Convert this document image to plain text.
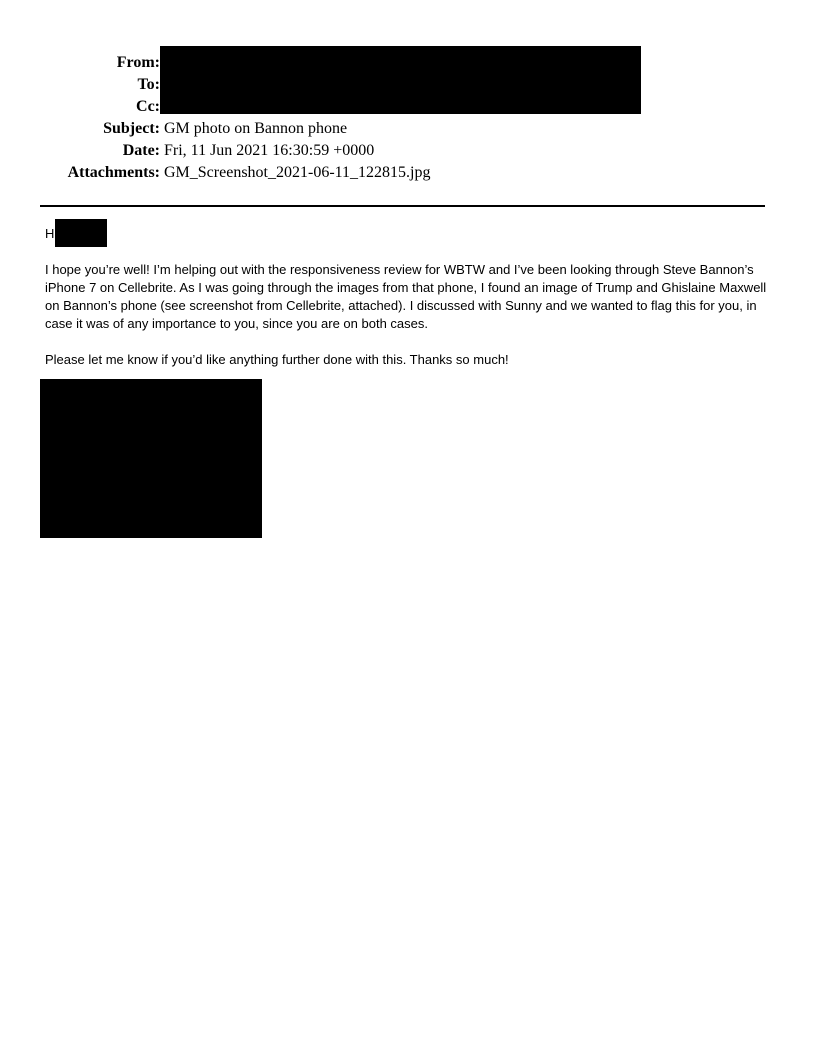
From:
To:
Cc:
Subject: GM photo on Bannon phone
Date: Fri, 11 Jun 2021 16:30:59 +0000
Attachments: GM_Screenshot_2021-06-11_122815.jpg
H
I hope you’re well! I’m helping out with the responsiveness review for WBTW and I’ve been looking through Steve Bannon’s iPhone 7 on Cellebrite. As I was going through the images from that phone, I found an image of Trump and Ghislaine Maxwell on Bannon’s phone (see screenshot from Cellebrite, attached). I discussed with Sunny and we wanted to flag this for you, in case it was of any importance to you, since you are on both cases.
Please let me know if you’d like anything further done with this. Thanks so much!
